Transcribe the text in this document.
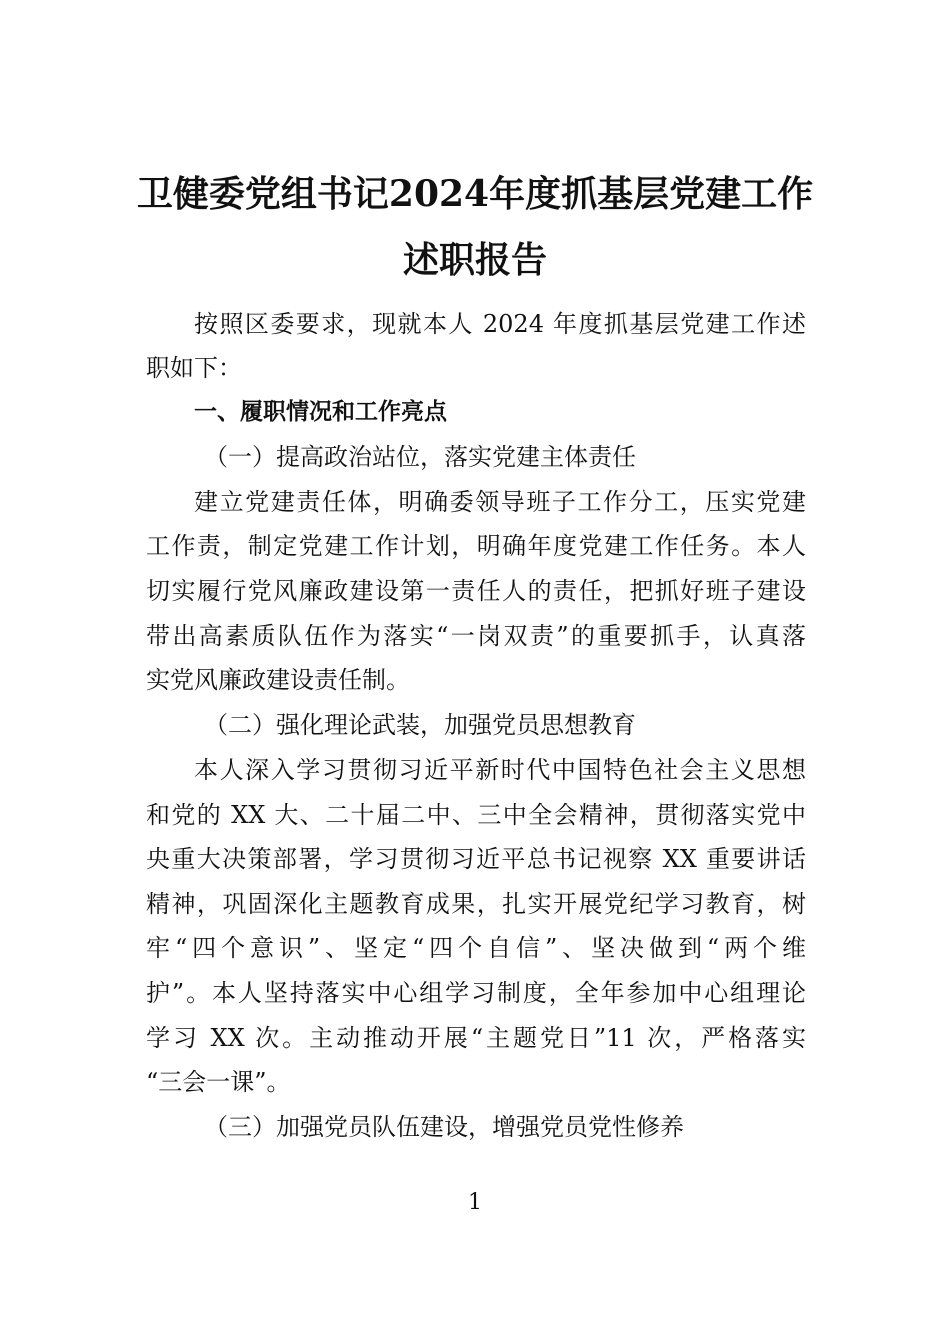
卫健委党组书记2024年度抓基层党建工作
述职报告
按照区委要求，现就本人 2024 年度抓基层党建工作述
职如下：
一、履职情况和工作亮点
（一）提高政治站位，落实党建主体责任
建立党建责任体，明确委领导班子工作分工，压实党建
工作责，制定党建工作计划，明确年度党建工作任务。本人
切实履行党风廉政建设第一责任人的责任，把抓好班子建设
带出高素质队伍作为落实“一岗双责”的重要抓手，认真落
实党风廉政建设责任制。
（二）强化理论武装，加强党员思想教育
本人深入学习贯彻习近平新时代中国特色社会主义思想
和党的 XX 大、二十届二中、三中全会精神，贯彻落实党中
央重大决策部署，学习贯彻习近平总书记视察 XX 重要讲话
精神，巩固深化主题教育成果，扎实开展党纪学习教育，树
牢“四个意识”、坚定“四个自信”、坚决做到“两个维
护”。本人坚持落实中心组学习制度，全年参加中心组理论
学习 XX 次。主动推动开展“主题党日”11 次，严格落实
“三会一课”。
（三）加强党员队伍建设，增强党员党性修养
1
